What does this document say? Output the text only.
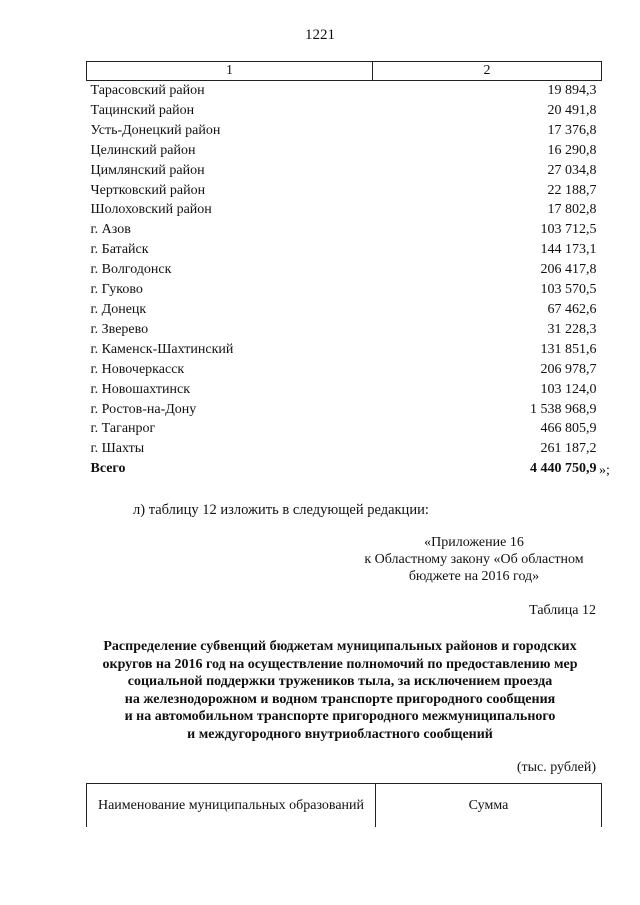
1221
1	2
Тарасовский район	19 894,3
Тацинский район	20 491,8
Усть-Донецкий район	17 376,8
Целинский район	16 290,8
Цимлянский район	27 034,8
Чертковский район	22 188,7
Шолоховский район	17 802,8
г. Азов	103 712,5
г. Батайск	144 173,1
г. Волгодонск	206 417,8
г. Гуково	103 570,5
г. Донецк	67 462,6
г. Зверево	31 228,3
г. Каменск-Шахтинский	131 851,6
г. Новочеркасск	206 978,7
г. Новошахтинск	103 124,0
г. Ростов-на-Дону	1 538 968,9
г. Таганрог	466 805,9
г. Шахты	261 187,2
Всего	4 440 750,9 »;
л) таблицу 12 изложить в следующей редакции:
«Приложение 16
к Областному закону «Об областном
бюджете на 2016 год»
Таблица 12
Распределение субвенций бюджетам муниципальных районов и городских
округов на 2016 год на осуществление полномочий по предоставлению мер
социальной поддержки тружеников тыла, за исключением проезда
на железнодорожном и водном транспорте пригородного сообщения
и на автомобильном транспорте пригородного межмуниципального
и междугородного внутриобластного сообщений
(тыс. рублей)
Наименование муниципальных образований	Сумма
